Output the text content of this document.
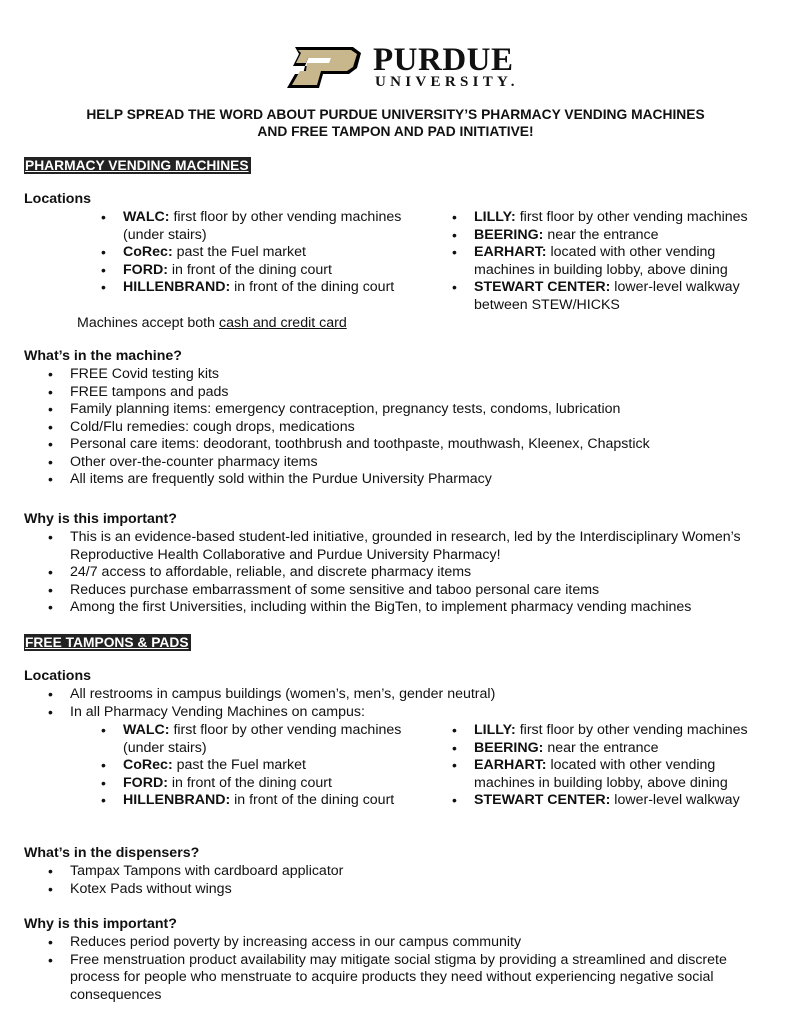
PURDUE
UNIVERSITY.
HELP SPREAD THE WORD ABOUT PURDUE UNIVERSITY’S PHARMACY VENDING MACHINES
AND FREE TAMPON AND PAD INITIATIVE!
PHARMACY VENDING MACHINES
Locations
• WALC: first floor by other vending machines (under stairs)
• CoRec: past the Fuel market
• FORD: in front of the dining court
• HILLENBRAND: in front of the dining court
• LILLY: first floor by other vending machines
• BEERING: near the entrance
• EARHART: located with other vending machines in building lobby, above dining
• STEWART CENTER: lower-level walkway between STEW/HICKS
Machines accept both cash and credit card
What’s in the machine?
• FREE Covid testing kits
• FREE tampons and pads
• Family planning items: emergency contraception, pregnancy tests, condoms, lubrication
• Cold/Flu remedies: cough drops, medications
• Personal care items: deodorant, toothbrush and toothpaste, mouthwash, Kleenex, Chapstick
• Other over-the-counter pharmacy items
• All items are frequently sold within the Purdue University Pharmacy
Why is this important?
• This is an evidence-based student-led initiative, grounded in research, led by the Interdisciplinary Women’s Reproductive Health Collaborative and Purdue University Pharmacy!
• 24/7 access to affordable, reliable, and discrete pharmacy items
• Reduces purchase embarrassment of some sensitive and taboo personal care items
• Among the first Universities, including within the BigTen, to implement pharmacy vending machines
FREE TAMPONS & PADS
Locations
• All restrooms in campus buildings (women’s, men’s, gender neutral)
• In all Pharmacy Vending Machines on campus:
• WALC: first floor by other vending machines (under stairs)
• CoRec: past the Fuel market
• FORD: in front of the dining court
• HILLENBRAND: in front of the dining court
• LILLY: first floor by other vending machines
• BEERING: near the entrance
• EARHART: located with other vending machines in building lobby, above dining
• STEWART CENTER: lower-level walkway
What’s in the dispensers?
• Tampax Tampons with cardboard applicator
• Kotex Pads without wings
Why is this important?
• Reduces period poverty by increasing access in our campus community
• Free menstruation product availability may mitigate social stigma by providing a streamlined and discrete process for people who menstruate to acquire products they need without experiencing negative social consequences
